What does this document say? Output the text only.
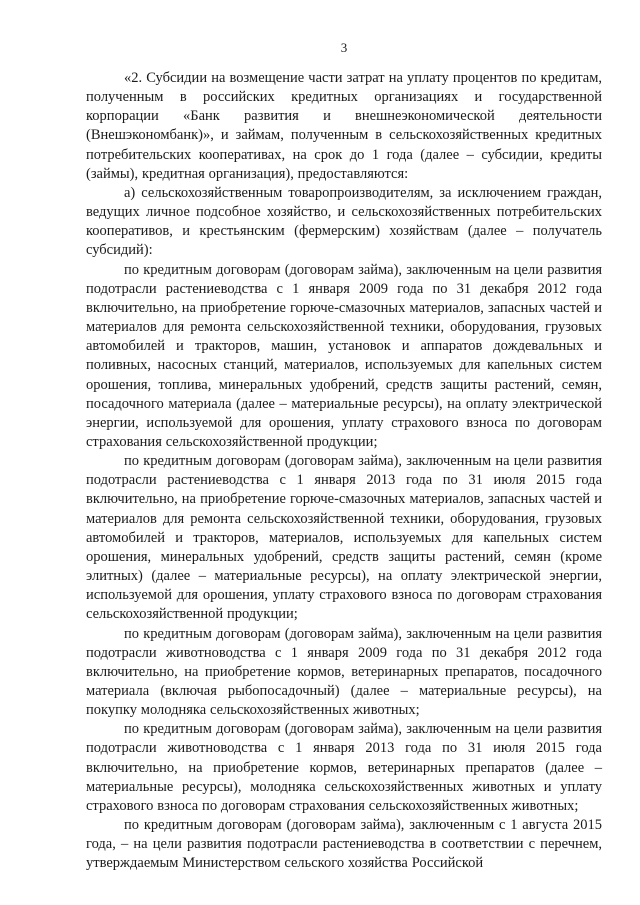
3

«2. Субсидии на возмещение части затрат на уплату процентов по кредитам, полученным в российских кредитных организациях и государственной корпорации «Банк развития и внешнеэкономической деятельности (Внешэкономбанк)», и займам, полученным в сельскохозяйственных кредитных потребительских кооперативах, на срок до 1 года (далее – субсидии, кредиты (займы), кредитная организация), предоставляются:

а) сельскохозяйственным товаропроизводителям, за исключением граждан, ведущих личное подсобное хозяйство, и сельскохозяйственных потребительских кооперативов, и крестьянским (фермерским) хозяйствам (далее – получатель субсидий):

по кредитным договорам (договорам займа), заключенным на цели развития подотрасли растениеводства с 1 января 2009 года по 31 декабря 2012 года включительно, на приобретение горюче-смазочных материалов, запасных частей и материалов для ремонта сельскохозяйственной техники, оборудования, грузовых автомобилей и тракторов, машин, установок и аппаратов дождевальных и поливных, насосных станций, материалов, используемых для капельных систем орошения, топлива, минеральных удобрений, средств защиты растений, семян, посадочного материала (далее – материальные ресурсы), на оплату электрической энергии, используемой для орошения, уплату страхового взноса по договорам страхования сельскохозяйственной продукции;

по кредитным договорам (договорам займа), заключенным на цели развития подотрасли растениеводства с 1 января 2013 года по 31 июля 2015 года включительно, на приобретение горюче-смазочных материалов, запасных частей и материалов для ремонта сельскохозяйственной техники, оборудования, грузовых автомобилей и тракторов, материалов, используемых для капельных систем орошения, минеральных удобрений, средств защиты растений, семян (кроме элитных) (далее – материальные ресурсы), на оплату электрической энергии, используемой для орошения, уплату страхового взноса по договорам страхования сельскохозяйственной продукции;

по кредитным договорам (договорам займа), заключенным на цели развития подотрасли животноводства с 1 января 2009 года по 31 декабря 2012 года включительно, на приобретение кормов, ветеринарных препаратов, посадочного материала (включая рыбопосадочный) (далее – материальные ресурсы), на покупку молодняка сельскохозяйственных животных;

по кредитным договорам (договорам займа), заключенным на цели развития подотрасли животноводства с 1 января 2013 года по 31 июля 2015 года включительно, на приобретение кормов, ветеринарных препаратов (далее – материальные ресурсы), молодняка сельскохозяйственных животных и уплату страхового взноса по договорам страхования сельскохозяйственных животных;

по кредитным договорам (договорам займа), заключенным с 1 августа 2015 года, – на цели развития подотрасли растениеводства в соответствии с перечнем, утверждаемым Министерством сельского хозяйства Российской
